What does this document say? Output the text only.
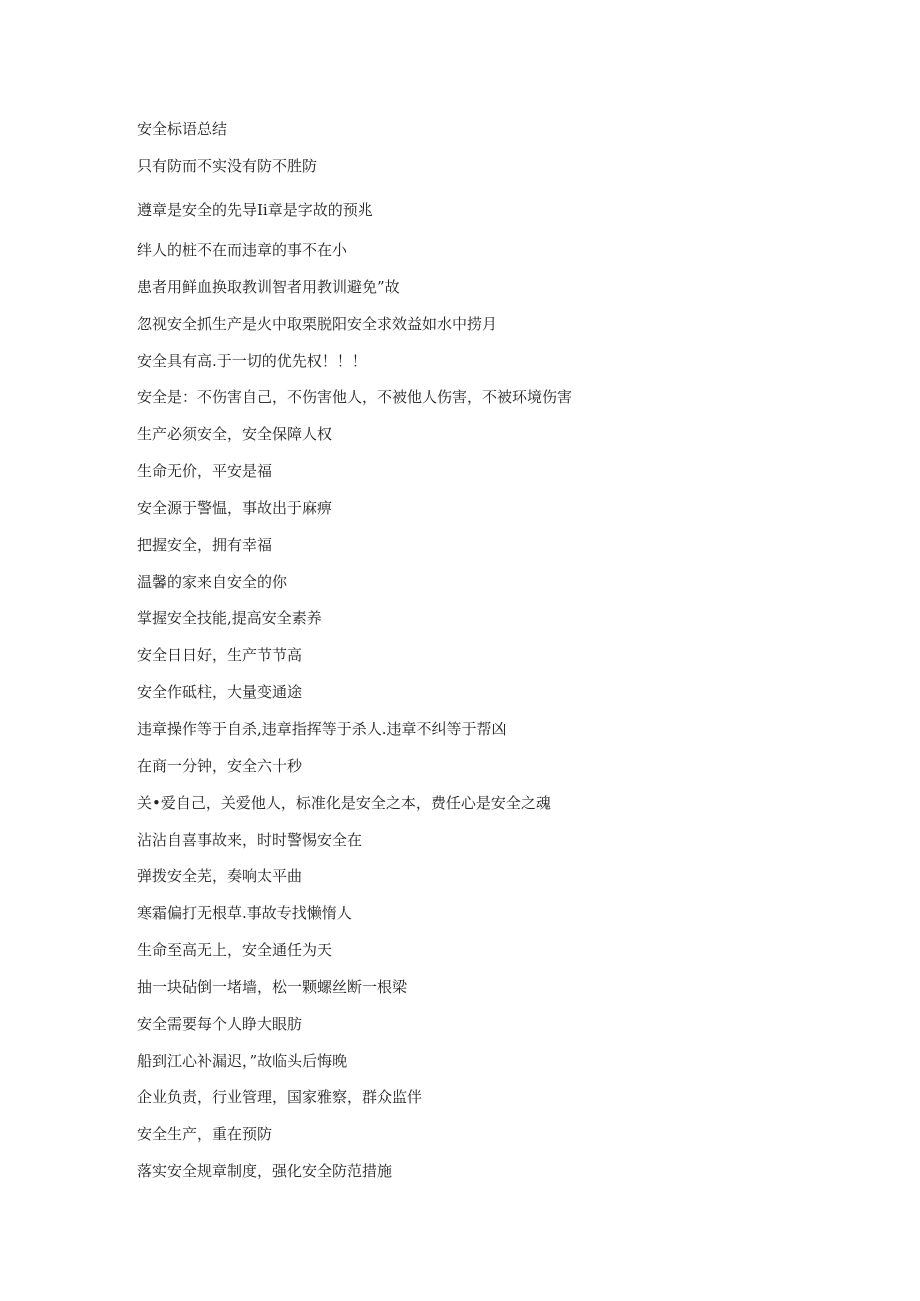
安全标语总结
只有防而不实没有防不胜防
遵章是安全的先导Ii章是字故的预兆
绊人的桩不在而违章的事不在小
患者用鲜血换取教训智者用教训避免”故
忽视安全抓生产是火中取栗脱阳安全求效益如水中捞月
安全具有高.于一切的优先权！！！
安全是：不伤害自己，不伤害他人，不被他人伤害，不被环境伤害
生产必须安全，安全保障人权
生命无价，平安是福
安全源于警愠，事故出于麻痹
把握安全，拥有幸福
温馨的家来自安全的你
掌握安全技能,提高安全素养
安全日日好，生产节节高
安全作砥柱，大量变通途
违章操作等于自杀,违章指挥等于杀人.违章不纠等于帮凶
在商一分钟，安全六十秒
关•爱自己，关爱他人，标准化是安全之本，费任心是安全之魂
沾沾自喜事故来，时时警惕安全在
弹拨安全芜，奏响太平曲
寒霜偏打无根草.事故专找懒惰人
生命至高无上，安全通任为天
抽一块砧倒一堵墙，松一颗螺丝断一根梁
安全需要每个人睁大眼肪
船到江心补漏迟，”故临头后悔晚
企业负责，行业管理，国家雅察，群众监伴
安全生产，重在预防
落实安全规章制度，强化安全防范措施
